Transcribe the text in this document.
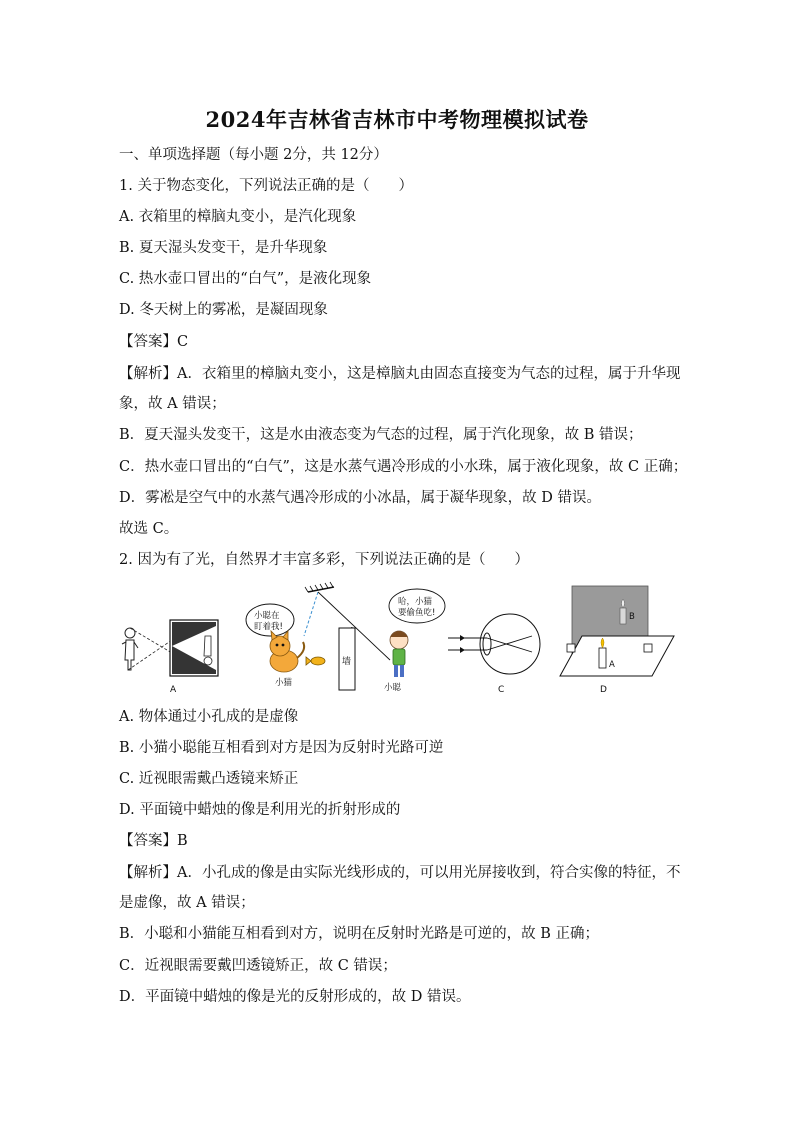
2024年吉林省吉林市中考物理模拟试卷
一、单项选择题（每小题 2分，共 12分）
1. 关于物态变化，下列说法正确的是（　　）
A. 衣箱里的樟脑丸变小，是汽化现象
B. 夏天湿头发变干，是升华现象
C. 热水壶口冒出的“白气”，是液化现象
D. 冬天树上的雾凇，是凝固现象
【答案】C
【解析】A．衣箱里的樟脑丸变小，这是樟脑丸由固态直接变为气态的过程，属于升华现
象，故 A 错误；
B．夏天湿头发变干，这是水由液态变为气态的过程，属于汽化现象，故 B 错误；
C．热水壶口冒出的“白气”，这是水蒸气遇冷形成的小水珠，属于液化现象，故 C 正确；
D．雾凇是空气中的水蒸气遇冷形成的小冰晶，属于凝华现象，故 D 错误。
故选 C。
2. 因为有了光，自然界才丰富多彩，下列说法正确的是（　　）
A
小聪在
盯着我!
小猫
墙
哈，小猫
要偷鱼吃!
小聪	C
B
A
D
A. 物体通过小孔成的是虚像
B. 小猫小聪能互相看到对方是因为反射时光路可逆
C. 近视眼需戴凸透镜来矫正
D. 平面镜中蜡烛的像是利用光的折射形成的
【答案】B
【解析】A．小孔成的像是由实际光线形成的，可以用光屏接收到，符合实像的特征，不
是虚像，故 A 错误；
B．小聪和小猫能互相看到对方，说明在反射时光路是可逆的，故 B 正确；
C．近视眼需要戴凹透镜矫正，故 C 错误；
D．平面镜中蜡烛的像是光的反射形成的，故 D 错误。
